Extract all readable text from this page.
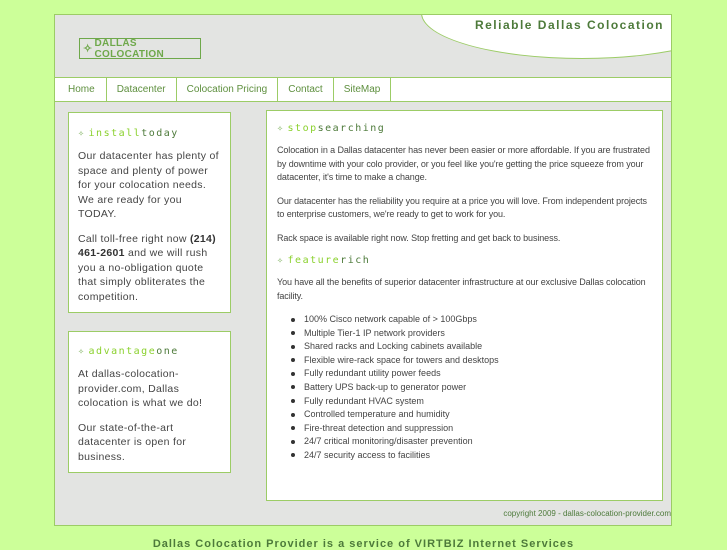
Reliable Dallas Colocation
✧ DALLAS COLOCATION
Home	Datacenter	Colocation Pricing	Contact	SiteMap
✧ installtoday

Our datacenter has plenty of space and plenty of power for your colocation needs. We are ready for you TODAY.

Call toll-free right now (214) 461-2601 and we will rush you a no-obligation quote that simply obliterates the competition.

✧ advantageone

At dallas-colocation-provider.com, Dallas colocation is what we do!

Our state-of-the-art datacenter is open for business.

✧ stopsearching

Colocation in a Dallas datacenter has never been easier or more affordable. If you are frustrated by downtime with your colo provider, or you feel like you're getting the price squeeze from your datacenter, it's time to make a change.

Our datacenter has the reliability you require at a price you will love. From independent projects to enterprise customers, we're ready to get to work for you.

Rack space is available right now. Stop fretting and get back to business.

✧ featurerich

You have all the benefits of superior datacenter infrastructure at our exclusive Dallas colocation facility.

100% Cisco network capable of > 100Gbps
Multiple Tier-1 IP network providers
Shared racks and Locking cabinets available
Flexible wire-rack space for towers and desktops
Fully redundant utility power feeds
Battery UPS back-up to generator power
Fully redundant HVAC system
Controlled temperature and humidity
Fire-threat detection and suppression
24/7 critical monitoring/disaster prevention
24/7 security access to facilities
copyright 2009 - dallas-colocation-provider.com
Dallas Colocation Provider is a service of VIRTBIZ Internet Services
